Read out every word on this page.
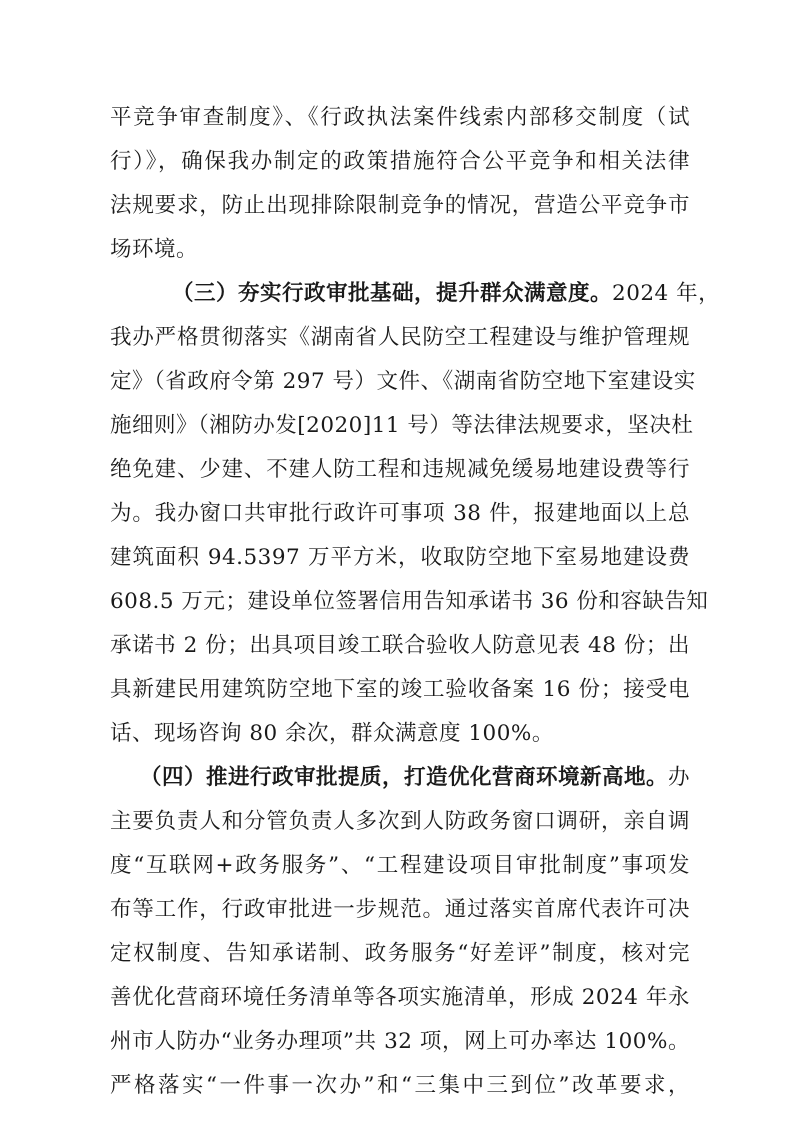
平竞争审查制度》、《行政执法案件线索内部移交制度（试
行）》，确保我办制定的政策措施符合公平竞争和相关法律
法规要求，防止出现排除限制竞争的情况，营造公平竞争市
场环境。
（三）夯实行政审批基础，提升群众满意度。2024 年，
我办严格贯彻落实《湖南省人民防空工程建设与维护管理规
定》（省政府令第 297 号）文件、《湖南省防空地下室建设实
施细则》（湘防办发[2020]11 号）等法律法规要求，坚决杜
绝免建、少建、不建人防工程和违规减免缓易地建设费等行
为。我办窗口共审批行政许可事项 38 件，报建地面以上总
建筑面积 94.5397 万平方米，收取防空地下室易地建设费
608.5 万元；建设单位签署信用告知承诺书 36 份和容缺告知
承诺书 2 份；出具项目竣工联合验收人防意见表 48 份；出
具新建民用建筑防空地下室的竣工验收备案 16 份；接受电
话、现场咨询 80 余次，群众满意度 100%。
（四）推进行政审批提质，打造优化营商环境新高地。办
主要负责人和分管负责人多次到人防政务窗口调研，亲自调
度“互联网+政务服务”、“工程建设项目审批制度”事项发
布等工作，行政审批进一步规范。通过落实首席代表许可决
定权制度、告知承诺制、政务服务“好差评”制度，核对完
善优化营商环境任务清单等各项实施清单，形成 2024 年永
州市人防办“业务办理项”共 32 项，网上可办率达 100%。
严格落实“一件事一次办”和“三集中三到位”改革要求，
